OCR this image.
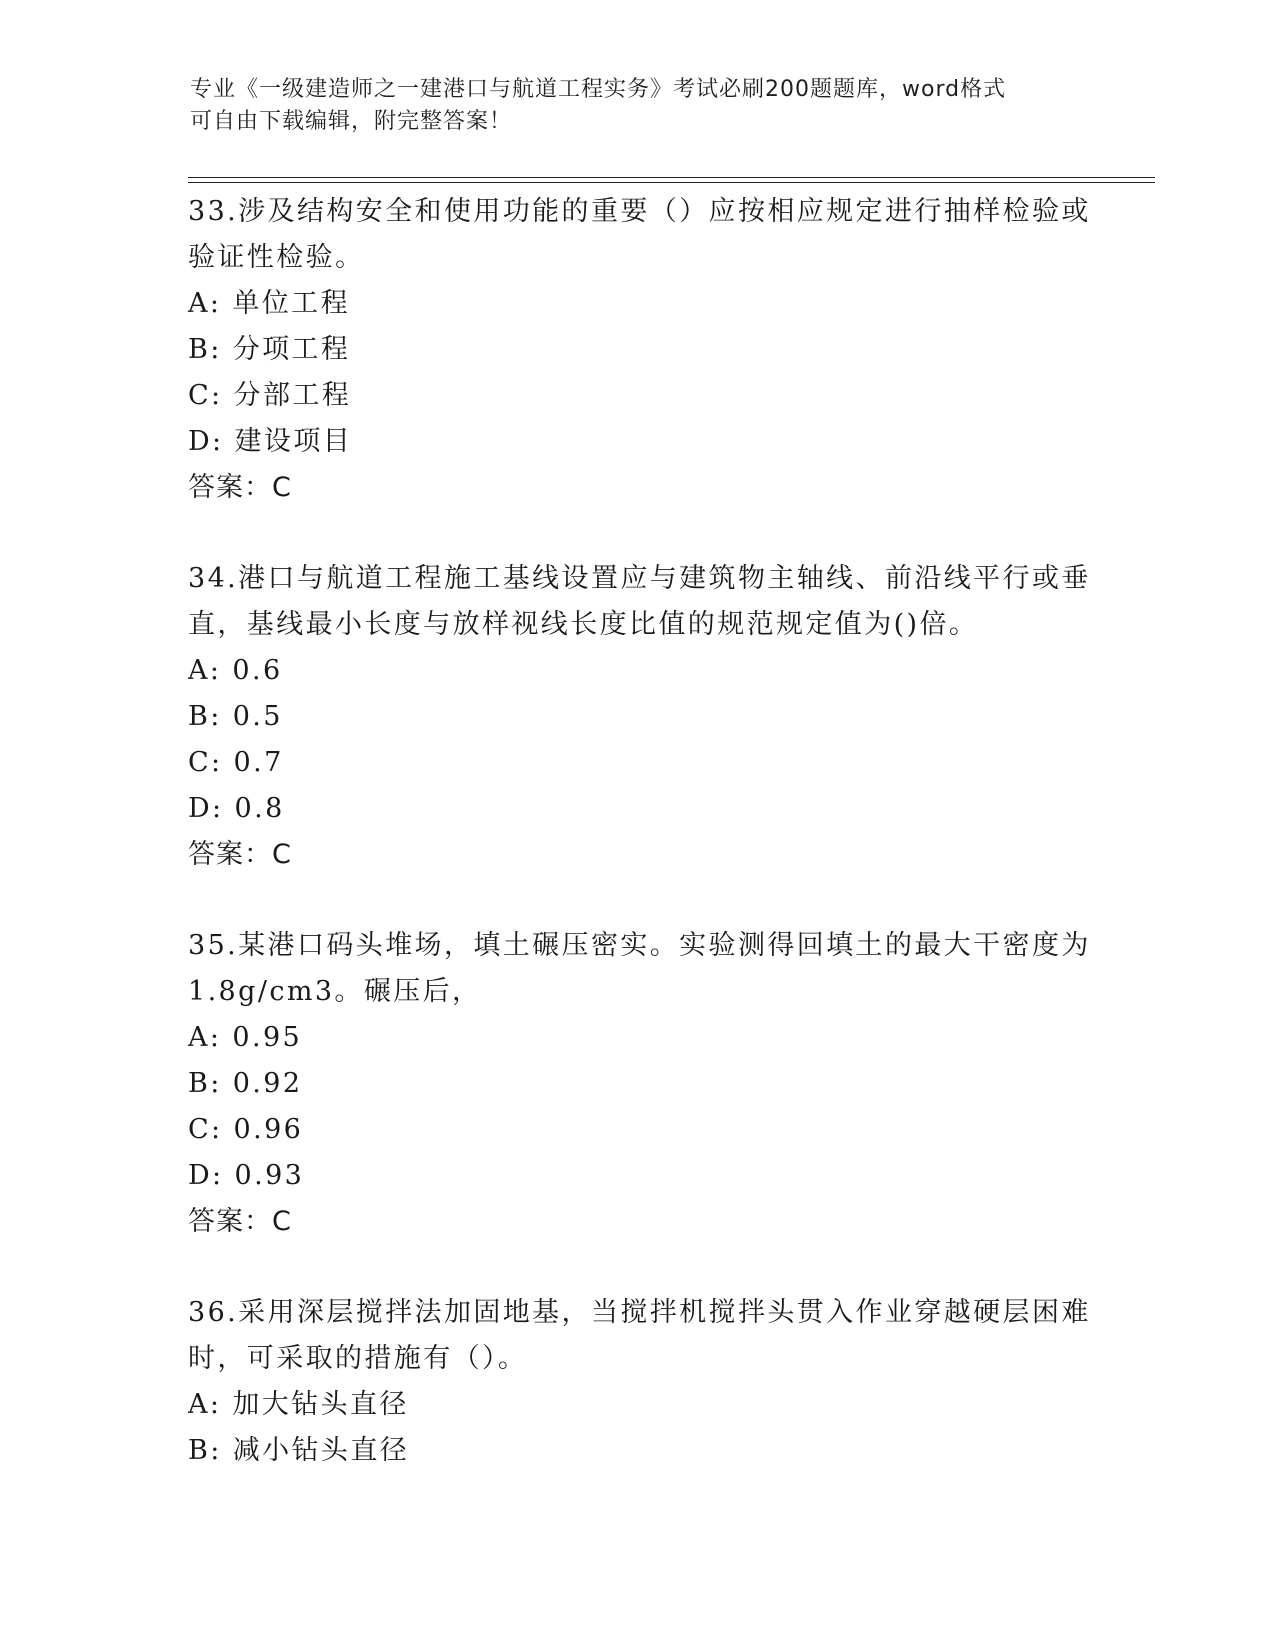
专业《一级建造师之一建港口与航道工程实务》考试必刷200题题库，word格式
可自由下载编辑，附完整答案！
33.涉及结构安全和使用功能的重要（）应按相应规定进行抽样检验或
验证性检验。
A: 单位工程
B: 分项工程
C: 分部工程
D: 建设项目
答案：C
34.港口与航道工程施工基线设置应与建筑物主轴线、前沿线平行或垂
直，基线最小长度与放样视线长度比值的规范规定值为()倍。
A: 0.6
B: 0.5
C: 0.7
D: 0.8
答案：C
35.某港口码头堆场，填土碾压密实。实验测得回填土的最大干密度为
1.8g/cm3。碾压后，
A: 0.95
B: 0.92
C: 0.96
D: 0.93
答案：C
36.采用深层搅拌法加固地基，当搅拌机搅拌头贯入作业穿越硬层困难
时，可采取的措施有（）。
A: 加大钻头直径
B: 减小钻头直径
